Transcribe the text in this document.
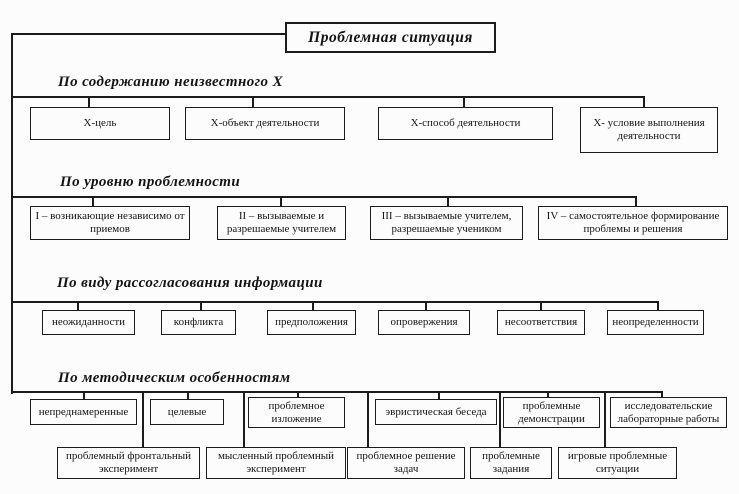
Проблемная ситуация
По содержанию неизвестного Х
Х-цель	Х-объект деятельности	Х-способ деятельности	Х- условие выполнения деятельности
По уровню проблемности
I – возникающие независимо от приемов
II – вызываемые и разрешаемые учителем
III – вызываемые учителем, разрешаемые учеником
IV – самостоятельное формирование проблемы и решения
По виду рассогласования информации
неожиданности	конфликта	предположения	опровержения	несоответствия	неопределенности
По методическим особенностям
непреднамеренные	целевые	проблемное изложение
эвристическая беседа	проблемные демонстрации
исследовательские лабораторные работы
проблемный фронтальный эксперимент
мысленный проблемный эксперимент
проблемное решение задач
проблемные задания
игровые проблемные ситуации
